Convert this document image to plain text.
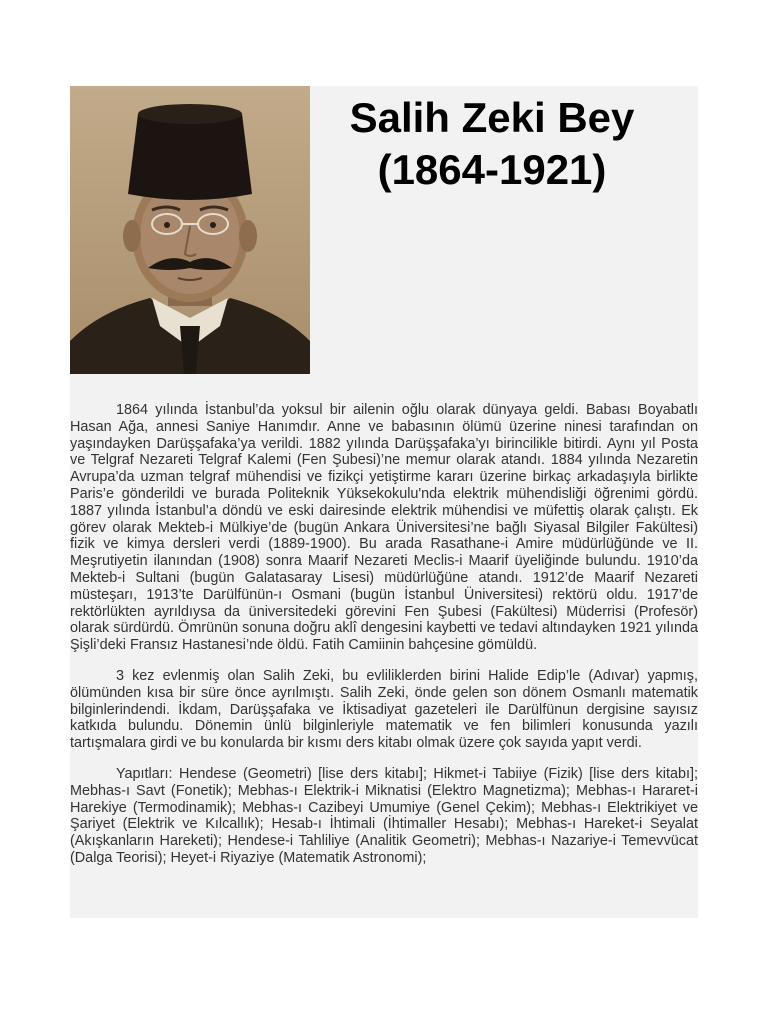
Salih Zeki Bey
(1864-1921)

1864 yılında İstanbul’da yoksul bir ailenin oğlu olarak dünyaya geldi. Babası Boyabatlı Hasan Ağa, annesi Saniye Hanımdır. Anne ve babasının ölümü üzerine ninesi tarafından on yaşındayken Darüşşafaka’ya verildi. 1882 yılında Darüşşafaka’yı birincilikle bitirdi. Aynı yıl Posta ve Telgraf Nezareti Telgraf Kalemi (Fen Şubesi)’ne memur olarak atandı. 1884 yılında Nezaretin Avrupa’da uzman telgraf mühendisi ve fizikçi yetiştirme kararı üzerine birkaç arkadaşıyla birlikte Paris’e gönderildi ve burada Politeknik Yüksekokulu'nda elektrik mühendisliği öğrenimi gördü. 1887 yılında İstanbul’a döndü ve eski dairesinde elektrik mühendisi ve müfettiş olarak çalıştı. Ek görev olarak Mekteb-i Mülkiye’de (bugün Ankara Üniversitesi’ne bağlı Siyasal Bilgiler Fakültesi) fizik ve kimya dersleri verdi (1889-1900). Bu arada Rasathane-i Amire müdürlüğünde ve II. Meşrutiyetin ilanından (1908) sonra Maarif Nezareti Meclis-i Maarif üyeliğinde bulundu. 1910’da Mekteb-i Sultani (bugün Galatasaray Lisesi) müdürlüğüne atandı. 1912’de Maarif Nezareti müsteşarı, 1913’te Darülfünün-ı Osmani (bugün İstanbul Üniversitesi) rektörü oldu. 1917’de rektörlükten ayrıldıysa da üniversitedeki görevini Fen Şubesi (Fakültesi) Müderrisi (Profesör) olarak sürdürdü. Ömrünün sonuna doğru aklî dengesini kaybetti ve tedavi altındayken 1921 yılında Şişli’deki Fransız Hastanesi’nde öldü. Fatih Camiinin bahçesine gömüldü.

3 kez evlenmiş olan Salih Zeki, bu evliliklerden birini Halide Edip’le (Adıvar) yapmış, ölümünden kısa bir süre önce ayrılmıştı. Salih Zeki, önde gelen son dönem Osmanlı matematik bilginlerindendi. İkdam, Darüşşafaka ve İktisadiyat gazeteleri ile Darülfünun dergisine sayısız katkıda bulundu. Dönemin ünlü bilginleriyle matematik ve fen bilimleri konusunda yazılı tartışmalara girdi ve bu konularda bir kısmı ders kitabı olmak üzere çok sayıda yapıt verdi.

Yapıtları: Hendese (Geometri) [lise ders kitabı]; Hikmet-i Tabiiye (Fizik) [lise ders kitabı]; Mebhas-ı Savt (Fonetik); Mebhas-ı Elektrik-i Miknatisi (Elektro Magnetizma); Mebhas-ı Hararet-i Harekiye (Termodinamik); Mebhas-ı Cazibeyi Umumiye (Genel Çekim); Mebhas-ı Elektrikiyet ve Şariyet (Elektrik ve Kılcallık); Hesab-ı İhtimali (İhtimaller Hesabı); Mebhas-ı Hareket-i Seyalat (Akışkanların Hareketi); Hendese-i Tahliliye (Analitik Geometri); Mebhas-ı Nazariye-i Temevvücat (Dalga Teorisi); Heyet-i Riyaziye (Matematik Astronomi);
